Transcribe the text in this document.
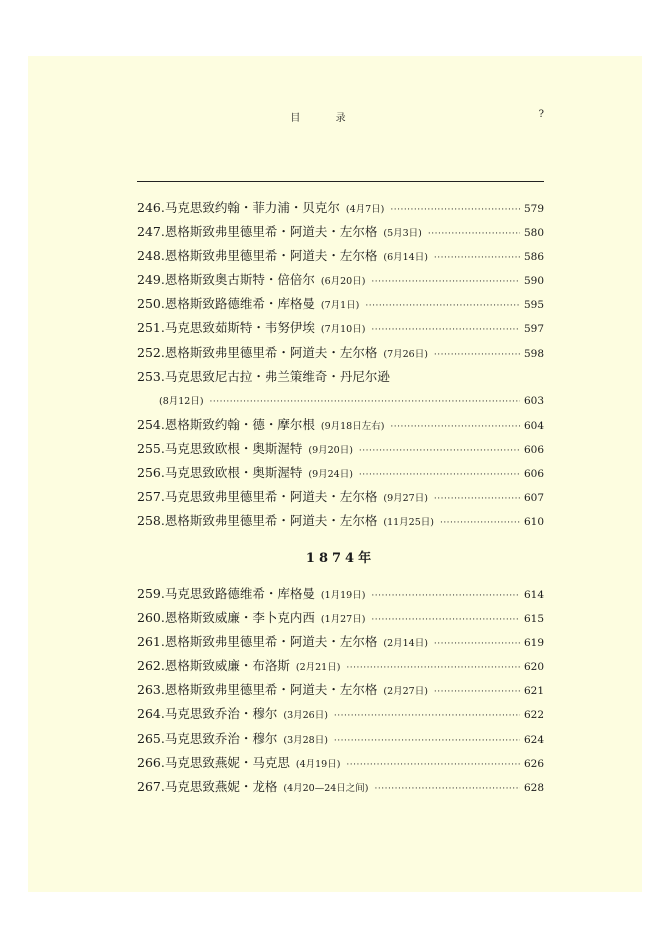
目 录	?
246.马克思致约翰・菲力浦・贝克尔 (4月7日) ·····	579
247.恩格斯致弗里德里希・阿道夫・左尔格 (5月3日) ·····	580
248.恩格斯致弗里德里希・阿道夫・左尔格 (6月14日) ·····	586
249.恩格斯致奥古斯特・倍倍尔 (6月20日) ·····	590
250.恩格斯致路德维希・库格曼 (7月1日) ·····	595
251.马克思致茹斯特・韦努伊埃 (7月10日) ·····	597
252.恩格斯致弗里德里希・阿道夫・左尔格 (7月26日) ·····	598
253.马克思致尼古拉・弗兰策维奇・丹尼尔逊
(8月12日) ·····	603
254.恩格斯致约翰・德・摩尔根 (9月18日左右) ·····	604
255.马克思致欧根・奥斯渥特 (9月20日) ·····	606
256.马克思致欧根・奥斯渥特 (9月24日) ·····	606
257.马克思致弗里德里希・阿道夫・左尔格 (9月27日) ·····	607
258.恩格斯致弗里德里希・阿道夫・左尔格 (11月25日) ·····	610
1874年
259.马克思致路德维希・库格曼 (1月19日) ·····	614
260.恩格斯致威廉・李卜克内西 (1月27日) ·····	615
261.恩格斯致弗里德里希・阿道夫・左尔格 (2月14日) ·····	619
262.恩格斯致威廉・布洛斯 (2月21日) ·····	620
263.恩格斯致弗里德里希・阿道夫・左尔格 (2月27日) ·····	621
264.马克思致乔治・穆尔 (3月26日) ·····	622
265.马克思致乔治・穆尔 (3月28日) ·····	624
266.马克思致燕妮・马克思 (4月19日) ·····	626
267.马克思致燕妮・龙格 (4月20—24日之间) ·····	628
